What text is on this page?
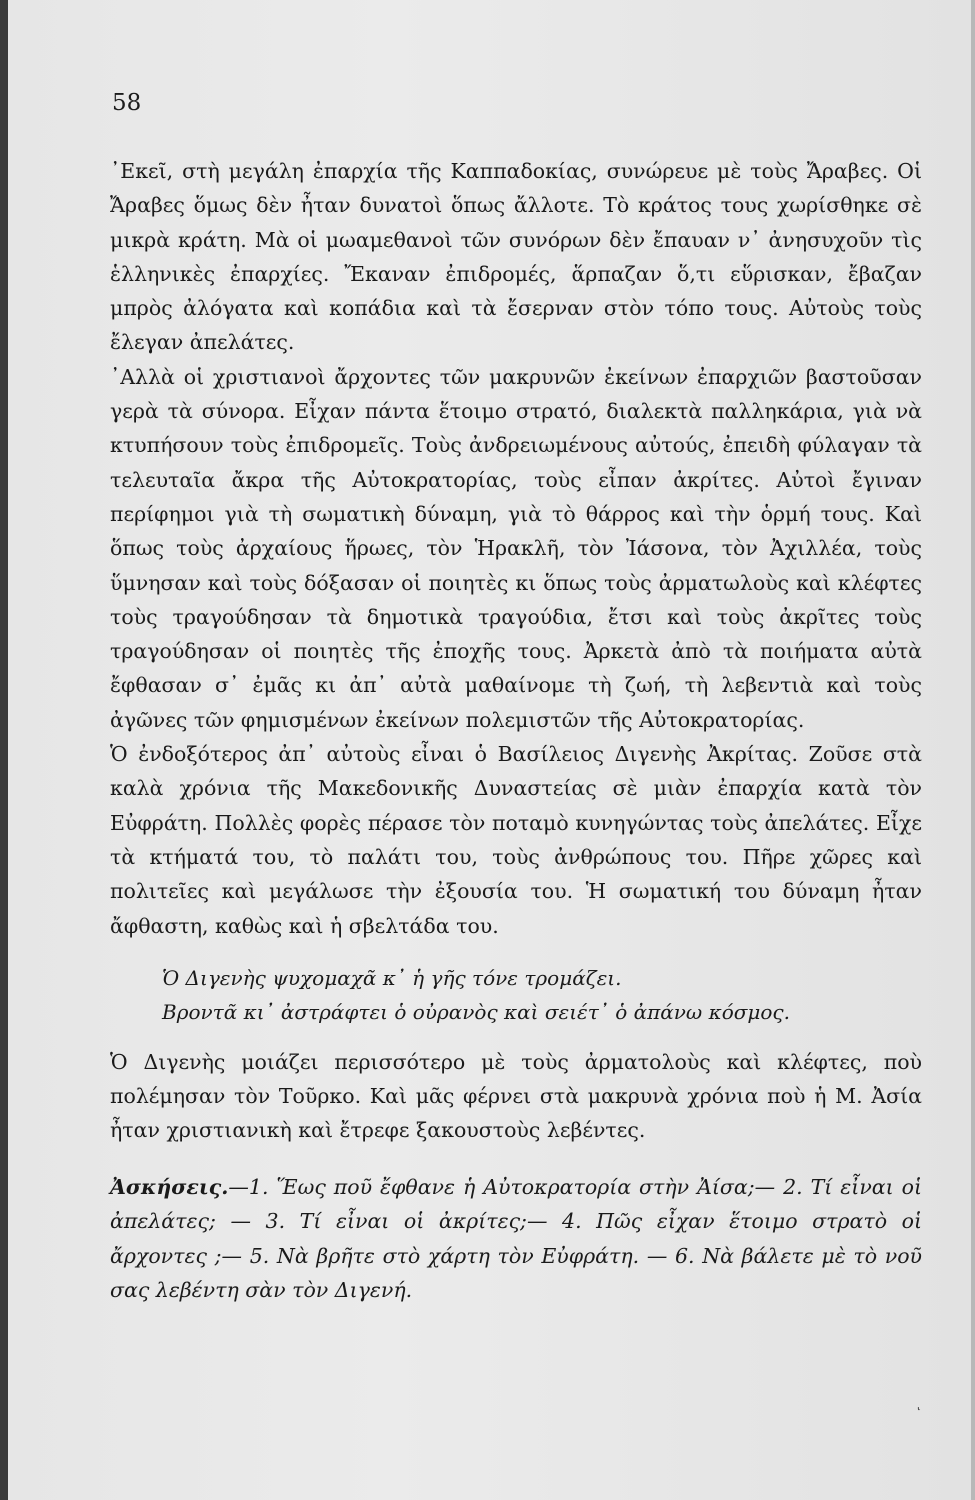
58

᾿Εκεῖ, στὴ μεγάλη ἐπαρχία τῆς Καππαδοκίας, συνώρευε μὲ τοὺς Ἄραβες. Οἱ Ἄραβες ὅμως δὲν ἦταν δυνατοὶ ὅπως ἄλλοτε. Τὸ κράτος τους χωρίσθηκε σὲ μικρὰ κράτη. Μὰ οἱ μωαμεθανοὶ τῶν συνόρων δὲν ἔπαυαν ν᾿ ἀνησυχοῦν τὶς ἑλληνικὲς ἐπαρχίες. Ἔκαναν ἐπιδρομές, ἅρπαζαν ὅ,τι εὕρισκαν, ἔβαζαν μπρὸς ἀλόγατα καὶ κοπάδια καὶ τὰ ἔσερναν στὸν τόπο τους. Αὐτοὺς τοὺς ἔλεγαν ἀπελάτες.

᾿Αλλὰ οἱ χριστιανοὶ ἄρχοντες τῶν μακρυνῶν ἐκείνων ἐπαρχιῶν βαστοῦσαν γερὰ τὰ σύνορα. Εἶχαν πάντα ἕτοιμο στρατό, διαλεκτὰ παλληκάρια, γιὰ νὰ κτυπήσουν τοὺς ἐπιδρομεῖς. Τοὺς ἀνδρειωμένους αὐτούς, ἐπειδὴ φύλαγαν τὰ τελευταῖα ἄκρα τῆς Αὐτοκρατορίας, τοὺς εἶπαν ἀκρίτες. Αὐτοὶ ἔγιναν περίφημοι γιὰ τὴ σωματικὴ δύναμη, γιὰ τὸ θάρρος καὶ τὴν ὁρμή τους. Καὶ ὅπως τοὺς ἀρχαίους ἥρωες, τὸν Ἡρακλῆ, τὸν Ἰάσονα, τὸν Ἀχιλλέα, τοὺς ὕμνησαν καὶ τοὺς δόξασαν οἱ ποιητὲς κι ὅπως τοὺς ἀρματωλοὺς καὶ κλέφτες τοὺς τραγούδησαν τὰ δημοτικὰ τραγούδια, ἔτσι καὶ τοὺς ἀκρῖτες τοὺς τραγούδησαν οἱ ποιητὲς τῆς ἐποχῆς τους. Ἀρκετὰ ἀπὸ τὰ ποιήματα αὐτὰ ἔφθασαν σ᾿ ἐμᾶς κι ἀπ᾿ αὐτὰ μαθαίνομε τὴ ζωή, τὴ λεβεντιὰ καὶ τοὺς ἀγῶνες τῶν φημισμένων ἐκείνων πολεμιστῶν τῆς Αὐτοκρατορίας.

Ὁ ἐνδοξότερος ἀπ᾿ αὐτοὺς εἶναι ὁ Βασίλειος Διγενὴς Ἀκρίτας. Ζοῦσε στὰ καλὰ χρόνια τῆς Μακεδονικῆς Δυναστείας σὲ μιὰν ἐπαρχία κατὰ τὸν Εὐφράτη. Πολλὲς φορὲς πέρασε τὸν ποταμὸ κυνηγώντας τοὺς ἀπελάτες. Εἶχε τὰ κτήματά του, τὸ παλάτι του, τοὺς ἀνθρώπους του. Πῆρε χῶρες καὶ πολιτεῖες καὶ μεγάλωσε τὴν ἐξουσία του. Ἡ σωματική του δύναμη ἦταν ἄφθαστη, καθὼς καὶ ἡ σβελτάδα του.

Ὁ Διγενὴς ψυχομαχᾶ κ᾿ ἡ γῆς τόνε τρομάζει.
Βροντᾶ κι᾿ ἀστράφτει ὁ οὐρανὸς καὶ σειέτ᾿ ὁ ἀπάνω κόσμος.

Ὁ Διγενὴς μοιάζει περισσότερο μὲ τοὺς ἀρματολοὺς καὶ κλέφτες, ποὺ πολέμησαν τὸν Τοῦρκο. Καὶ μᾶς φέρνει στὰ μακρυνὰ χρόνια ποὺ ἡ Μ. Ἀσία ἦταν χριστιανικὴ καὶ ἔτρεφε ξακουστοὺς λεβέντες.

Ἀσκήσεις.—1. Ἕως ποῦ ἔφθανε ἡ Αὐτοκρατορία στὴν Ἀίσα;— 2. Τί εἶναι οἱ ἀπελάτες; — 3. Τί εἶναι οἱ ἀκρίτες;— 4. Πῶς εἶχαν ἕτοιμο στρατὸ οἱ ἄρχοντες ;— 5. Νὰ βρῆτε στὸ χάρτη τὸν Εὐφράτη. — 6. Νὰ βάλετε μὲ τὸ νοῦ σας λεβέντη σὰν τὸν Διγενή.
